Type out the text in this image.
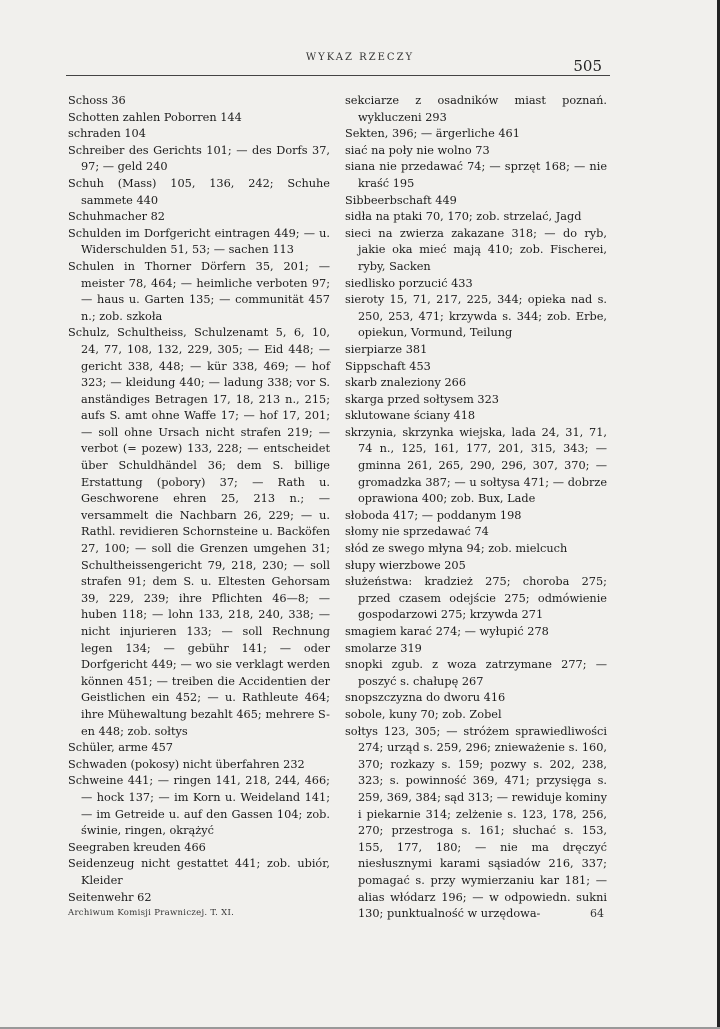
WYKAZ RZECZY	505
Schoss 36
Schotten zahlen Poborren 144
schraden 104
Schreiber des Gerichts 101; — des Dorfs 37, 97; — geld 240
Schuh (Mass) 105, 136, 242; Schuhe sammete 440
Schuhmacher 82
Schulden im Dorfgericht eintragen 449; — u. Widerschulden 51, 53; — sachen 113
Schulen in Thorner Dörfern 35, 201; — meister 78, 464; — heimliche verboten 97; — haus u. Garten 135; — communität 457 n.; zob. szkoła
Schulz, Schultheiss, Schulzenamt 5, 6, 10, 24, 77, 108, 132, 229, 305; — Eid 448; — gericht 338, 448; — kür 338, 469; — hof 323; — kleidung 440; — ladung 338; vor S. anständiges Betragen 17, 18, 213 n., 215; aufs S. amt ohne Waffe 17; — hof 17, 201; — soll ohne Ursach nicht strafen 219; — verbot (= pozew) 133, 228; — entscheidet über Schuldhändel 36; dem S. billige Erstattung (pobory) 37; — Rath u. Geschworene ehren 25, 213 n.; — versammelt die Nachbarn 26, 229; — u. Rathl. revidieren Schornsteine u. Backöfen 27, 100; — soll die Grenzen umgehen 31; Schultheissengericht 79, 218, 230; — soll strafen 91; dem S. u. Eltesten Gehorsam 39, 229, 239; ihre Pflichten 46—8; — huben 118; — lohn 133, 218, 240, 338; — nicht injurieren 133; — soll Rechnung legen 134; — gebühr 141; — oder Dorfgericht 449; — wo sie verklagt werden können 451; — treiben die Accidentien der Geistlichen ein 452; — u. Rathleute 464; ihre Mühewaltung bezahlt 465; mehrere S-en 448; zob. sołtys
Schüler, arme 457
Schwaden (pokosy) nicht überfahren 232
Schweine 441; — ringen 141, 218, 244, 466; — hock 137; — im Korn u. Weideland 141; — im Getreide u. auf den Gassen 104; zob. świnie, ringen, okrążyć
Seegraben kreuden 466
Seidenzeug nicht gestattet 441; zob. ubiór, Kleider
Seitenwehr 62
sekciarze z osadników miast poznań. wykluczeni 293
Sekten, 396; — ärgerliche 461
siać na poły nie wolno 73
siana nie przedawać 74; — sprzęt 168; — nie kraść 195
Sibbeerbschaft 449
sidła na ptaki 70, 170; zob. strzelać, Jagd
sieci na zwierza zakazane 318; — do ryb, jakie oka mieć mają 410; zob. Fischerei, ryby, Sacken
siedlisko porzucić 433
sieroty 15, 71, 217, 225, 344; opieka nad s. 250, 253, 471; krzywda s. 344; zob. Erbe, opiekun, Vormund, Teilung
sierpiarze 381
Sippschaft 453
skarb znaleziony 266
skarga przed sołtysem 323
sklutowane ściany 418
skrzynia, skrzynka wiejska, lada 24, 31, 71, 74 n., 125, 161, 177, 201, 315, 343; — gminna 261, 265, 290, 296, 307, 370; — gromadzka 387; — u sołtysa 471; — dobrze oprawiona 400; zob. Bux, Lade
słoboda 417; — poddanym 198
słomy nie sprzedawać 74
słód ze swego młyna 94; zob. mielcuch
słupy wierzbowe 205
służeństwa: kradzież 275; choroba 275; przed czasem odejście 275; odmówienie gospodarzowi 275; krzywda 271
smagiem karać 274; — wyłupić 278
smolarze 319
snopki zgub. z woza zatrzymane 277; — poszyć s. chałupę 267
snopszczyzna do dworu 416
sobole, kuny 70; zob. Zobel
sołtys 123, 305; — stróżem sprawiedliwości 274; urząd s. 259, 296; znieważenie s. 160, 370; rozkazy s. 159; pozwy s. 202, 238, 323; s. powinność 369, 471; przysięga s. 259, 369, 384; sąd 313; — rewiduje kominy i piekarnie 314; zelżenie s. 123, 178, 256, 270; przestroga s. 161; słuchać s. 153, 155, 177, 180; — nie ma dręczyć niesłusznymi karami sąsiadów 216, 337; pomagać s. przy wymierzaniu kar 181; — alias włódarz 196; — w odpowiedn. sukni 130; punktualność w urzędowa-
Archiwum Komisji Prawniczej. T. XI.	64
